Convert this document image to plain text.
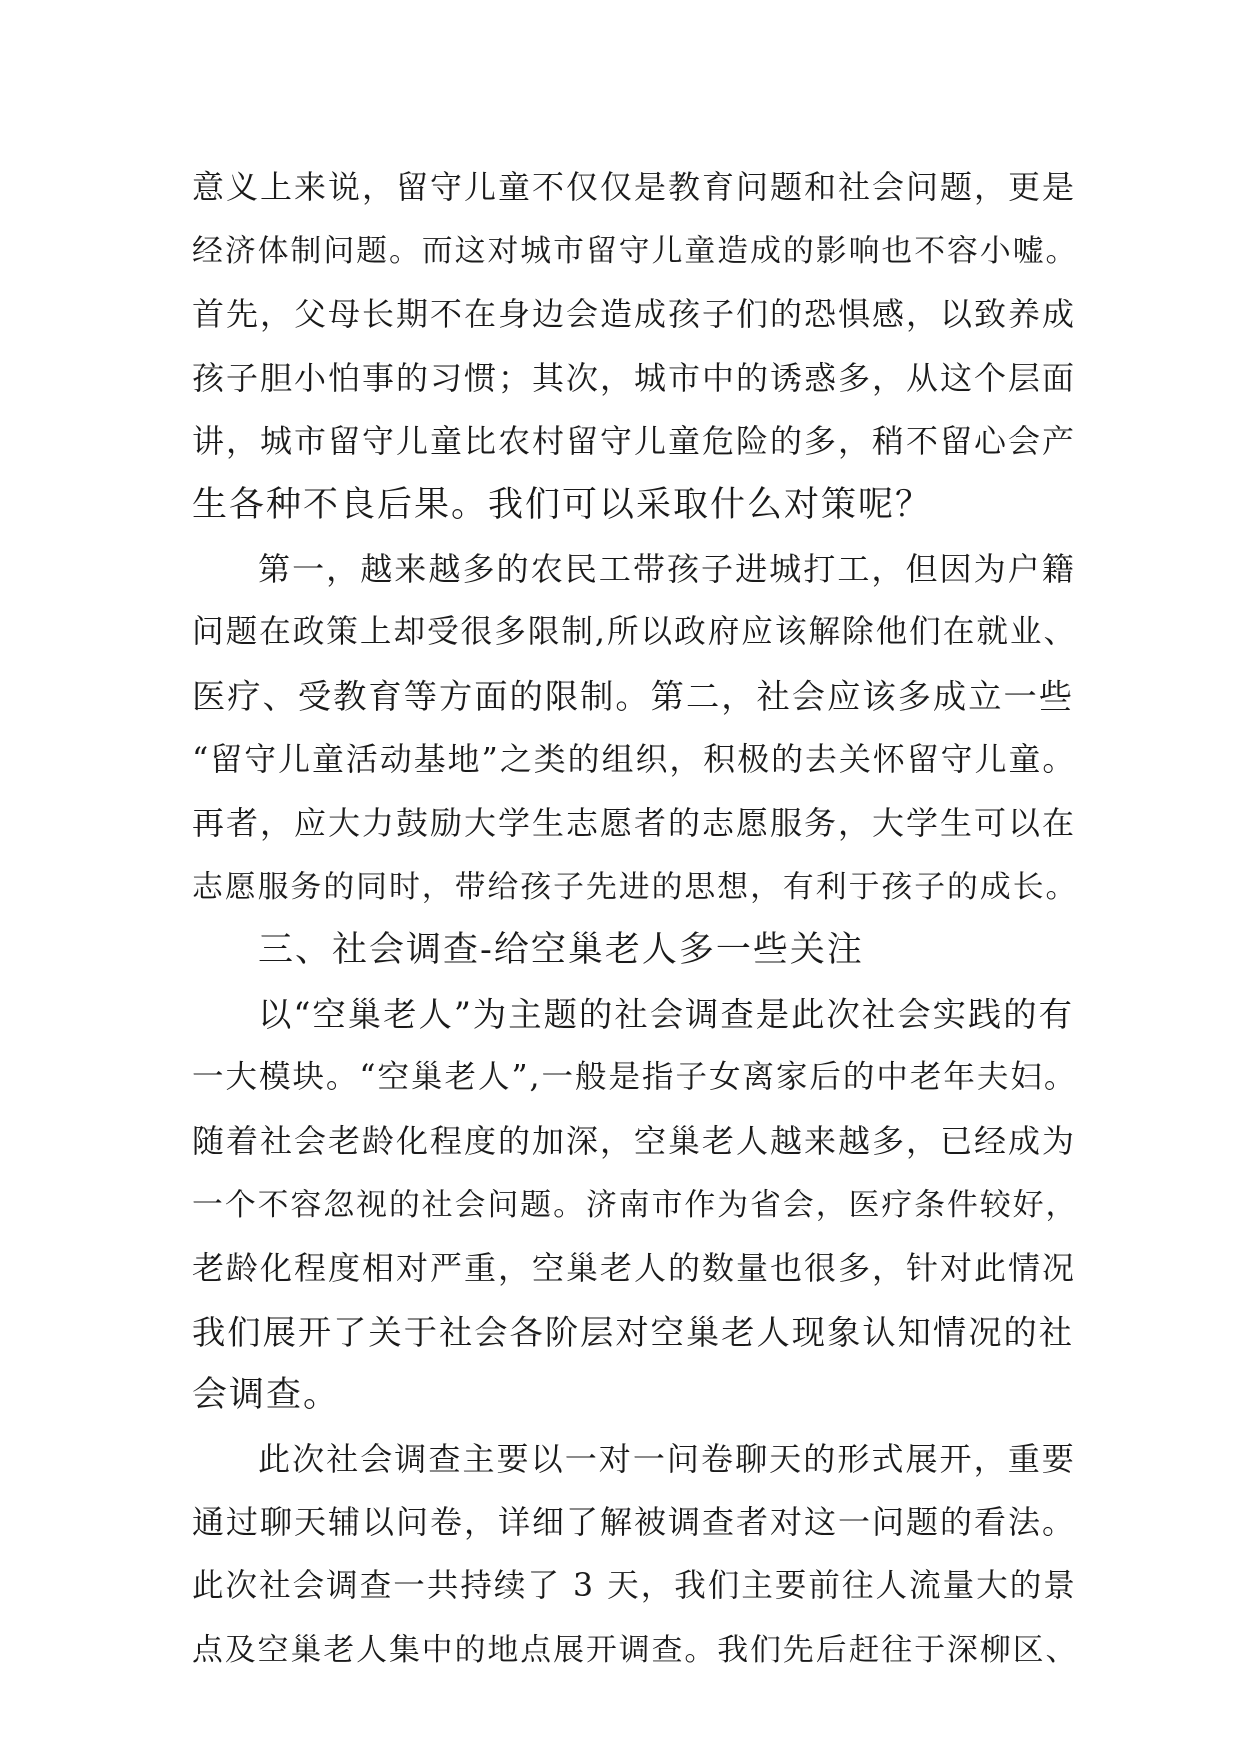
意义上来说，留守儿童不仅仅是教育问题和社会问题，更是
经济体制问题。而这对城市留守儿童造成的影响也不容小嘘。
首先，父母长期不在身边会造成孩子们的恐惧感，以致养成
孩子胆小怕事的习惯；其次，城市中的诱惑多，从这个层面
讲，城市留守儿童比农村留守儿童危险的多，稍不留心会产
生各种不良后果。我们可以采取什么对策呢？
第一，越来越多的农民工带孩子进城打工，但因为户籍
问题在政策上却受很多限制,所以政府应该解除他们在就业、
医疗、受教育等方面的限制。第二，社会应该多成立一些
“留守儿童活动基地”之类的组织，积极的去关怀留守儿童。
再者，应大力鼓励大学生志愿者的志愿服务，大学生可以在
志愿服务的同时，带给孩子先进的思想，有利于孩子的成长。
三、社会调查-给空巢老人多一些关注
以“空巢老人”为主题的社会调查是此次社会实践的有
一大模块。“空巢老人”,一般是指子女离家后的中老年夫妇。
随着社会老龄化程度的加深，空巢老人越来越多，已经成为
一个不容忽视的社会问题。济南市作为省会，医疗条件较好，
老龄化程度相对严重，空巢老人的数量也很多，针对此情况
我们展开了关于社会各阶层对空巢老人现象认知情况的社
会调查。
此次社会调查主要以一对一问卷聊天的形式展开，重要
通过聊天辅以问卷，详细了解被调查者对这一问题的看法。
此次社会调查一共持续了 3 天，我们主要前往人流量大的景
点及空巢老人集中的地点展开调查。我们先后赶往于深柳区、
